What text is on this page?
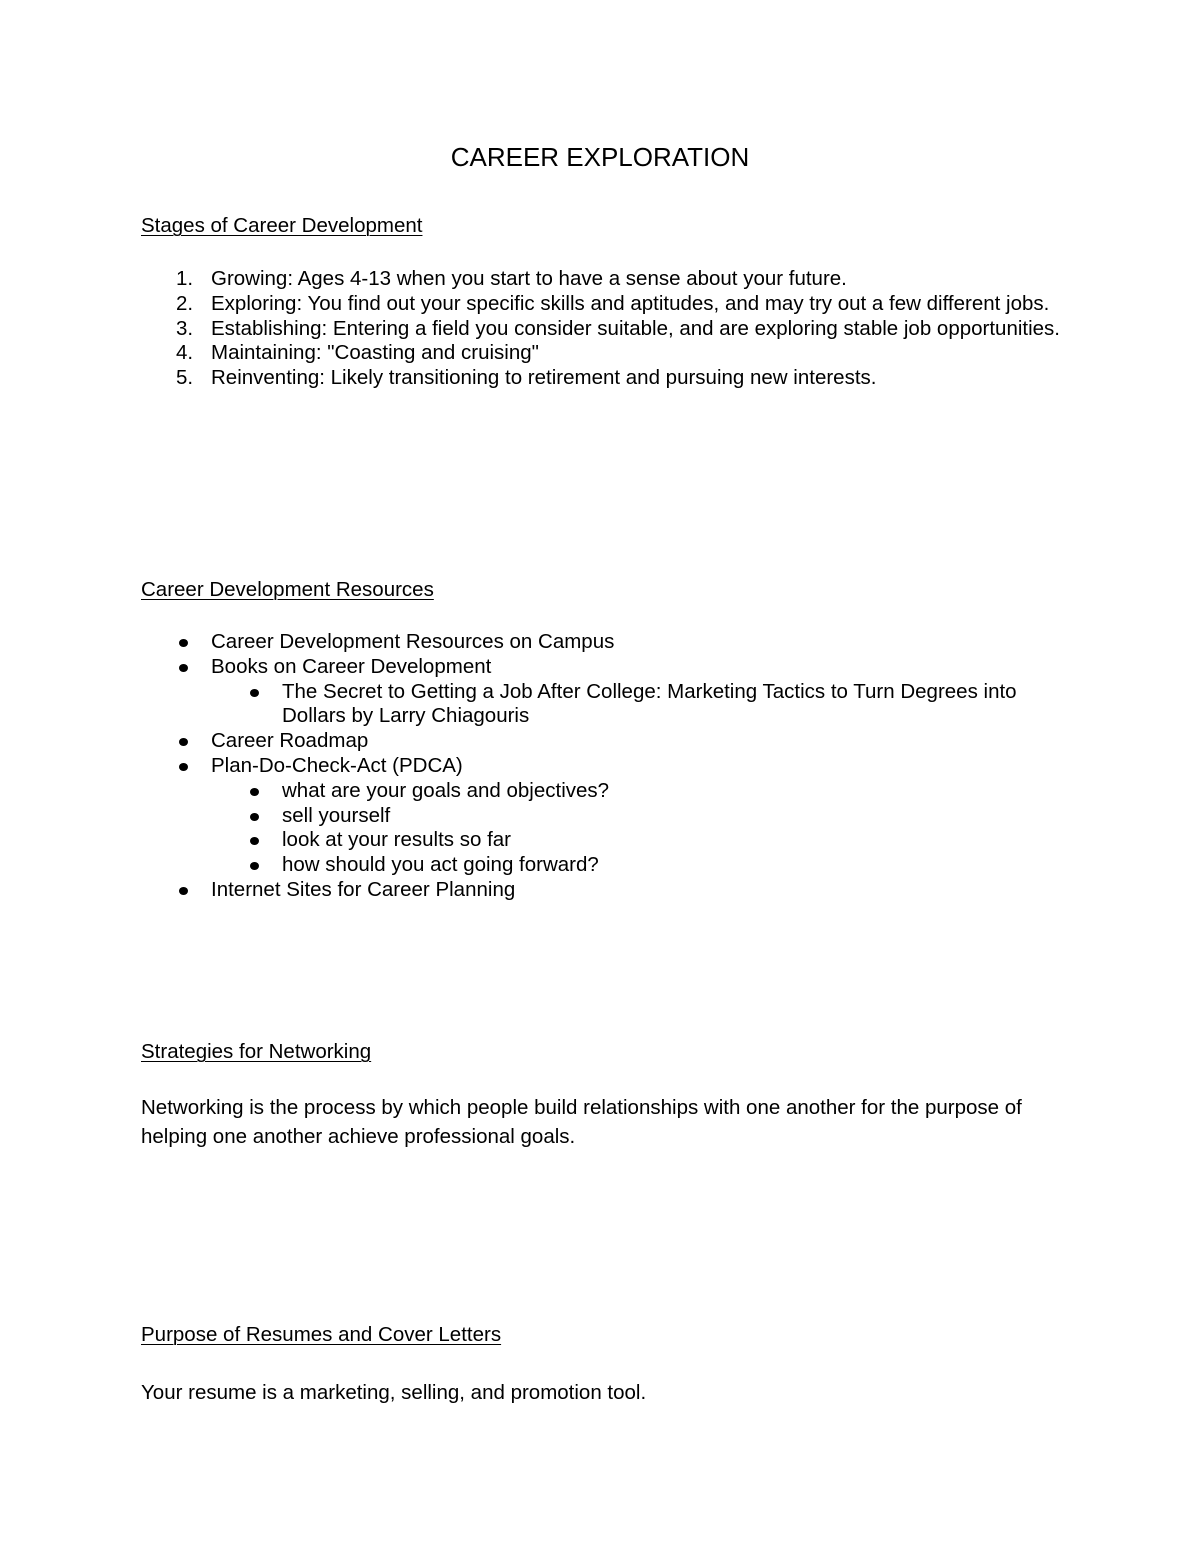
CAREER EXPLORATION
Stages of Career Development
1. Growing: Ages 4-13 when you start to have a sense about your future.
2. Exploring: You find out your specific skills and aptitudes, and may try out a few different jobs.
3. Establishing: Entering a field you consider suitable, and are exploring stable job opportunities.
4. Maintaining: "Coasting and cruising"
5. Reinventing: Likely transitioning to retirement and pursuing new interests.
Career Development Resources
Career Development Resources on Campus
Books on Career Development
The Secret to Getting a Job After College: Marketing Tactics to Turn Degrees into Dollars by Larry Chiagouris
Career Roadmap
Plan-Do-Check-Act (PDCA)
what are your goals and objectives?
sell yourself
look at your results so far
how should you act going forward?
Internet Sites for Career Planning
Strategies for Networking
Networking is the process by which people build relationships with one another for the purpose of helping one another achieve professional goals.
Purpose of Resumes and Cover Letters
Your resume is a marketing, selling, and promotion tool.
